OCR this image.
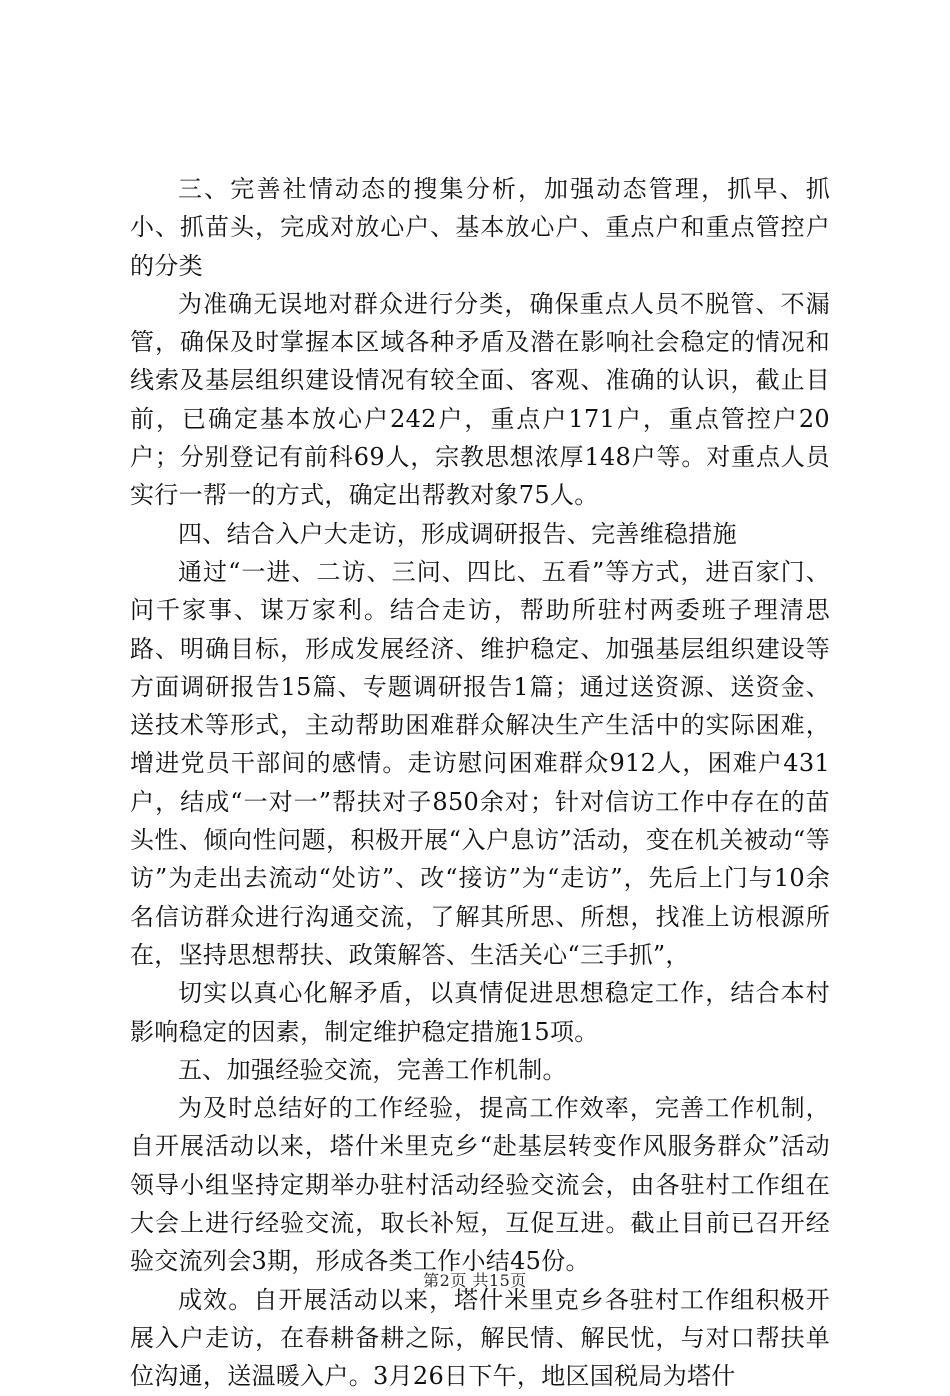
三、完善社情动态的搜集分析，加强动态管理，抓早、抓小、抓苗头，完成对放心户、基本放心户、重点户和重点管控户的分类

为准确无误地对群众进行分类，确保重点人员不脱管、不漏管，确保及时掌握本区域各种矛盾及潜在影响社会稳定的情况和线索及基层组织建设情况有较全面、客观、准确的认识，截止目前，已确定基本放心户242户，重点户171户，重点管控户20户；分别登记有前科69人，宗教思想浓厚148户等。对重点人员实行一帮一的方式，确定出帮教对象75人。

四、结合入户大走访，形成调研报告、完善维稳措施

通过“一进、二访、三问、四比、五看”等方式，进百家门、问千家事、谋万家利。结合走访，帮助所驻村两委班子理清思路、明确目标，形成发展经济、维护稳定、加强基层组织建设等方面调研报告15篇、专题调研报告1篇；通过送资源、送资金、送技术等形式，主动帮助困难群众解决生产生活中的实际困难，增进党员干部间的感情。走访慰问困难群众912人，困难户431户，结成“一对一”帮扶对子850余对；针对信访工作中存在的苗头性、倾向性问题，积极开展“入户息访”活动，变在机关被动“等访”为走出去流动“处访”、改“接访”为“走访”，先后上门与10余名信访群众进行沟通交流，了解其所思、所想，找准上访根源所在，坚持思想帮扶、政策解答、生活关心“三手抓”，

切实以真心化解矛盾，以真情促进思想稳定工作，结合本村影响稳定的因素，制定维护稳定措施15项。

五、加强经验交流，完善工作机制。

为及时总结好的工作经验，提高工作效率，完善工作机制，自开展活动以来，塔什米里克乡“赴基层转变作风服务群众”活动领导小组坚持定期举办驻村活动经验交流会，由各驻村工作组在大会上进行经验交流，取长补短，互促互进。截止目前已召开经验交流列会3期，形成各类工作小结45份。

成效。自开展活动以来，塔什米里克乡各驻村工作组积极开展入户走访，在春耕备耕之际，解民情、解民忧，与对口帮扶单位沟通，送温暖入户。3月26日下午，地区国税局为塔什

第2页 共15页
